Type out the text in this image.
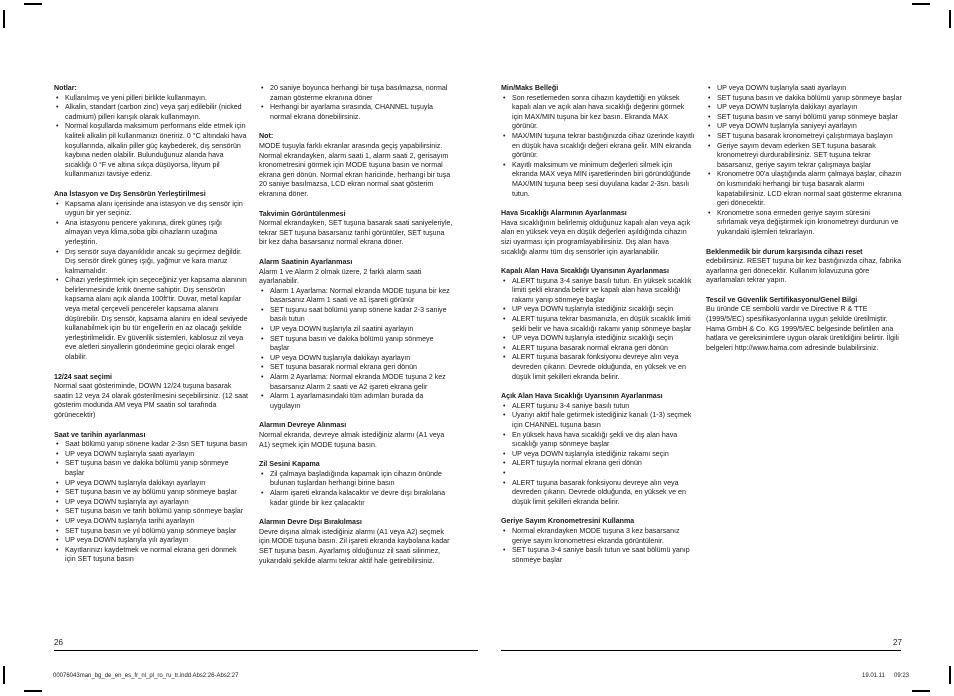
Notlar:
• Kullanılmış ve yeni pilleri birlikte kullanmayın.
• Alkalin, standart (carbon zinc) veya şarj edilebilir (nicked cadmium) pilleri karışık olarak kullanmayın.
• Normal koşullarda maksimum performans elde etmek için kaliteli alkalin pil kullanmanızı öneririz. 0 °C altındaki hava koşullarında, alkalin piller güç kaybederek, dış sensörün kaybına neden olabilir. Bulunduğunuz alanda hava sıcaklığı 0 °F ve altına sıkça düşüyorsa, lityum pil kullanmanızı tavsiye ederiz.
Ana İstasyon ve Dış Sensörün Yerleştirilmesi
• Kapsama alanı içerisinde ana istasyon ve dış sensör için uygun bir yer seçiniz.
• Ana istasyonu pencere yakınına, direk güneş ışığı almayan veya klima,soba gibi cihazların uzağına yerleştirin.
• Dış sensör suya dayanıklıdır ancak su geçirmez değildir. Dış sensör direk güneş ışığı, yağmur ve kara maruz kalmamalıdır.
• Cihazı yerleştirmek için seçeceğiniz yer kapsama alanının belirlenmesinde kritik öneme sahiptir. Dış sensörün kapsama alanı açık alanda 100ft'tir. Duvar, metal kapılar veya metal çerçeveli pencereler kapsama alanını düşürebilir. Dış sensör, kapsama alanını en ideal seviyede kullanabilmek için bu tür engellerin en az olacağı şekilde yerleştirilmelidir. Ev güvenlik sistemleri, kablosuz zil veya eve aletleri sinyallerin gönderimine geçici olarak engel olabilir.
12/24 saat seçimi
Normal saat gösteriminde, DOWN 12/24 tuşuna basarak saatin 12 veya 24 olarak gösterilmesini seçebilirsiniz. (12 saat gösterim modunda AM veya PM saatin sol tarafında görünecektir)
Saat ve tarihin ayarlanması
• Saat bölümü yanıp sönene kadar 2-3sn SET tuşuna basın
• UP veya DOWN tuşlarıyla saati ayarlayın
• SET tuşuna basın ve dakika bölümü yanıp sönmeye başlar
• UP veya DOWN tuşlarıyla dakikayı ayarlayın
• SET tuşuna basın ve ay bölümü yanıp sönmeye başlar
• UP veya DOWN tuşlarıyla ayı ayarlayın
• SET tuşuna basın ve tarih bölümü yanıp sönmeye başlar
• UP veya DOWN tuşlarıyla tarihi ayarlayın
• SET tuşuna basın ve yıl bölümü yanıp sönmeye başlar
• UP veya DOWN tuşlarıyla yılı ayarlayın
• Kayıtlarınızı kaydetmek ve normal ekrana geri dönmek için SET tuşuna basın
• 20 saniye boyunca herhangi bir tuşa basılmazsa, normal zaman gösterme ekranına döner
• Herhangi bir ayarlama sırasında, CHANNEL tuşuyla normal ekrana dönebilirsiniz.
Not:
MODE tuşuyla farklı ekranlar arasında geçiş yapabilirsiniz. Normal ekrandayken, alarm saati 1, alarm saati 2, gerisayım kronometresini görmek için MODE tuşuna basın ve normal ekrana geri dönün. Normal ekran haricinde, herhangi bir tuşa 20 saniye basılmazsa, LCD ekran normal saat gösterim ekranına döner.
Takvimin Görüntülenmesi
Normal ekrandayken, SET tuşuna basarak saati saniyeleriyle, tekrar SET tuşuna basarsanız tarihi görüntüler, SET tuşuna bir kez daha basarsanız normal ekrana döner.
Alarm Saatinin Ayarlanması
Alarm 1 ve Alarm 2 olmak üzere, 2 farklı alarm saati ayarlanabilir.
• Alarm 1 Ayarlama: Normal ekranda MODE tuşuna bir kez basarsanız Alarm 1 saati ve a1 işareti görünür
• SET tuşunu saat bölümü yanıp sönene kadar 2-3 saniye basılı tutun
• UP veya DOWN tuşlarıyla zil saatini ayarlayın
• SET tuşuna basın ve dakika bölümü yanıp sönmeye başlar
• UP veya DOWN tuşlarıyla dakikayı ayarlayın
• SET tuşuna basarak normal ekrana geri dönün
• Alarm 2 Ayarlama: Normal ekranda MODE tuşuna 2 kez basarsanız Alarm 2 saati ve A2 işareti ekrana gelir
• Alarm 1 ayarlamasındaki tüm adımları burada da uygulayın
Alarmın Devreye Alınması
Normal ekranda, devreye almak istediğiniz alarmı (A1 veya A1) seçmek için MODE tuşuna basın.
Zil Sesini Kapama
• Zil çalmaya başladığında kapamak için cihazın önünde bulunan tuşlardan herhangi birine basın
• Alarm işareti ekranda kalacaktır ve devre dışı bırakılana kadar günde bir kez çalacaktır
Alarmın Devre Dışı Bırakılması
Devre dışına almak istediğiniz alarmı (A1 veya A2) seçmek için MODE tuşuna basın. Zil işareti ekranda kaybolana kadar SET tuşuna basın. Ayarlamış olduğunuz zil saati silinmez, yukarıdaki şekilde alarmı tekrar aktif hale getirebilirsiniz.
Min/Maks Belleği
• Son resetlemeden sonra cihazın kaydettiği en yüksek kapalı alan ve açık alan hava sıcaklığı değerini görmek için MAX/MIN tuşuna bir kez basın. Ekranda MAX görünür.
• MAX/MIN tuşuna tekrar bastığınızda cihaz üzerinde kayıtlı en düşük hava sıcaklığı değeri ekrana gelir. MIN ekranda görünür.
• Kayıtlı maksimum ve minimum değerleri silmek için ekranda MAX veya MIN işaretlerinden biri göründüğünde MAX/MIN tuşuna beep sesi duyulana kadar 2-3sn. basılı tutun.
Hava Sıcaklığı Alarmının Ayarlanması
Hava sıcaklığının belirlemiş olduğunuz kapalı alan veya açık alan en yüksek veya en düşük değerleri aşıldığında cihazın sizi uyarması için programlayabilirsiniz. Dış alan hava sıcaklığı alarmı tüm dış sensörler için ayarlanabilir.
Kapalı Alan Hava Sıcaklığı Uyarısının Ayarlanması
• ALERT tuşuna 3-4 saniye basılı tutun. En yüksek sıcaklık limiti şekli ekranda belirir ve kapalı alan hava sıcaklığı rakamı yanıp sönmeye başlar
• UP veya DOWN tuşlarıyla istediğiniz sıcaklığı seçin
• ALERT tuşuna tekrar basmanızla, en düşük sıcaklık limiti şekli belir ve hava sıcaklığı rakamı yanıp sönmeye başlar
• UP veya DOWN tuşlarıyla istediğiniz sıcaklığı seçin
• ALERT tuşuna basarak normal ekrana geri dönün
• ALERT tuşuna basarak fonksiyonu devreye alın veya devreden çıkarın. Devrede olduğunda, en yüksek ve en düşük limit şekilleri ekranda belirir.
Açık Alan Hava Sıcaklığı Uyarısının Ayarlanması
• ALERT tuşunu 3-4 saniye basılı tutun
• Uyarıyı aktif hale getirmek istediğiniz kanalı (1-3) seçmek için CHANNEL tuşuna basın
• En yüksek hava hava sıcaklığı şekli ve dış alan hava sıcaklığı yanıp sönmeye başlar
• UP veya DOWN tuşlarıyla istediğiniz rakamı seçin
• ALERT tuşuyla normal ekrana geri dönün
•
• ALERT tuşuna basarak fonksiyonu devreye alın veya devreden çıkarın. Devrede olduğunda, en yüksek ve en düşük limit şekilleri ekranda belirir.
Geriye Sayım Kronometresini Kullanma
• Normal ekrandayken MODE tuşuna 3 kez basarsanız geriye sayım kronometresi ekranda görüntülenir.
• SET tuşuna 3-4 saniye basılı tutun ve saat bölümü yanıp sönmeye başlar
• UP veya DOWN tuşlarıyla saati ayarlayın
• SET tuşuna basın ve dakika bölümü yanıp sönmeye başlar
• UP veya DOWN tuşlarıyla dakikayı ayarlayın
• SET tuşuna basın ve sanyi bölümü yanıp sönmeye başlar
• UP veya DOWN tuşlarıyla saniyeyi ayarlayın
• SET tuşuna basarak kronometreyi çalıştırmaya başlayın
• Geriye sayım devam ederken SET tuşuna basarak kronometreyi durdurabilirsiniz. SET tuşuna tekrar basarsanız, geriye sayım tekrar çalışmaya başlar
• Kronometre 00'a ulaştığında alarm çalmaya başlar, cihazın ön kısmındaki herhangi bir tuşa basarak alarmı kapatabilirsiniz. LCD ekran normal saat gösterme ekranına geri dönecektir.
• Kronometre sona ermeden geriye sayım süresini sıfırlamak veya değiştirmek için kronometreyi durdurun ve yukarıdaki işlemleri tekrarlayın.
Beklenmedik bir durum karşısında cihazı reset
edebilirsiniz. RESET tuşuna bir kez bastığınızda cihaz, fabrika ayarlarına geri dönecektir. Kullanım kılavuzuna göre ayarlamaları tekrar yapın.
Tescil ve Güvenlik Sertifikasyonu/Genel Bilgi
Bu üründe CE sembolü vardır ve Directive R & TTE (1999/5/EC) spesifikasyonlarına uygun şekilde üretilmiştir. Hama GmbH & Co. KG 1999/5/EC belgesinde belirtilen ana hatlara ve gereksinimlere uygun olarak üretildiğini belirtir. İlgili belgeleri http://www.hama.com adresinde bulabilirsiniz.
26	27
00076043man_bg_de_en_es_fr_nl_pl_ro_ru_tr.indd Abs2:26-Abs2:27	19.01.11 09:23
